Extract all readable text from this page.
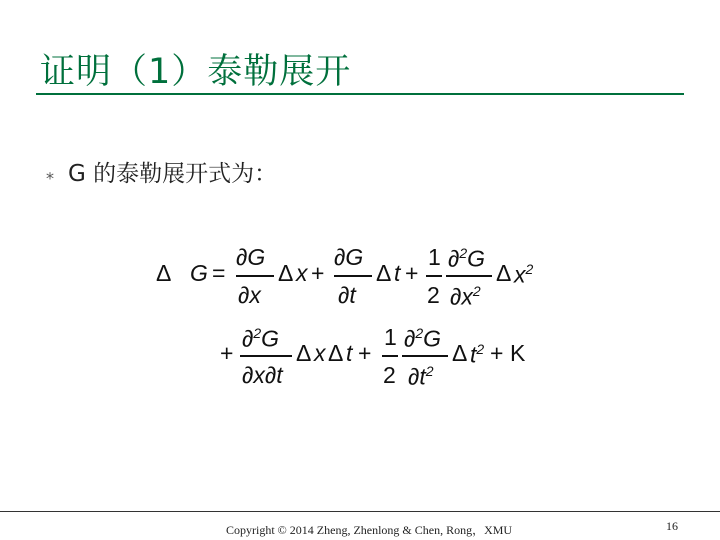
证明（1）泰勒展开
⁎ G 的泰勒展开式为：
Δ G =
∂G
∂x
Δ x +
∂G
∂t
Δ t +
1
2
∂$^2$G
$\partial x^2$
Δ $x^2$
+
∂$^2$G
∂x∂t
Δ x Δ t +
1
2
∂$^2$G
$\partial t^2$
Δ $t^2 + K$
Copyright © 2014 Zheng, Zhenlong & Chen, Rong，XMU	16
